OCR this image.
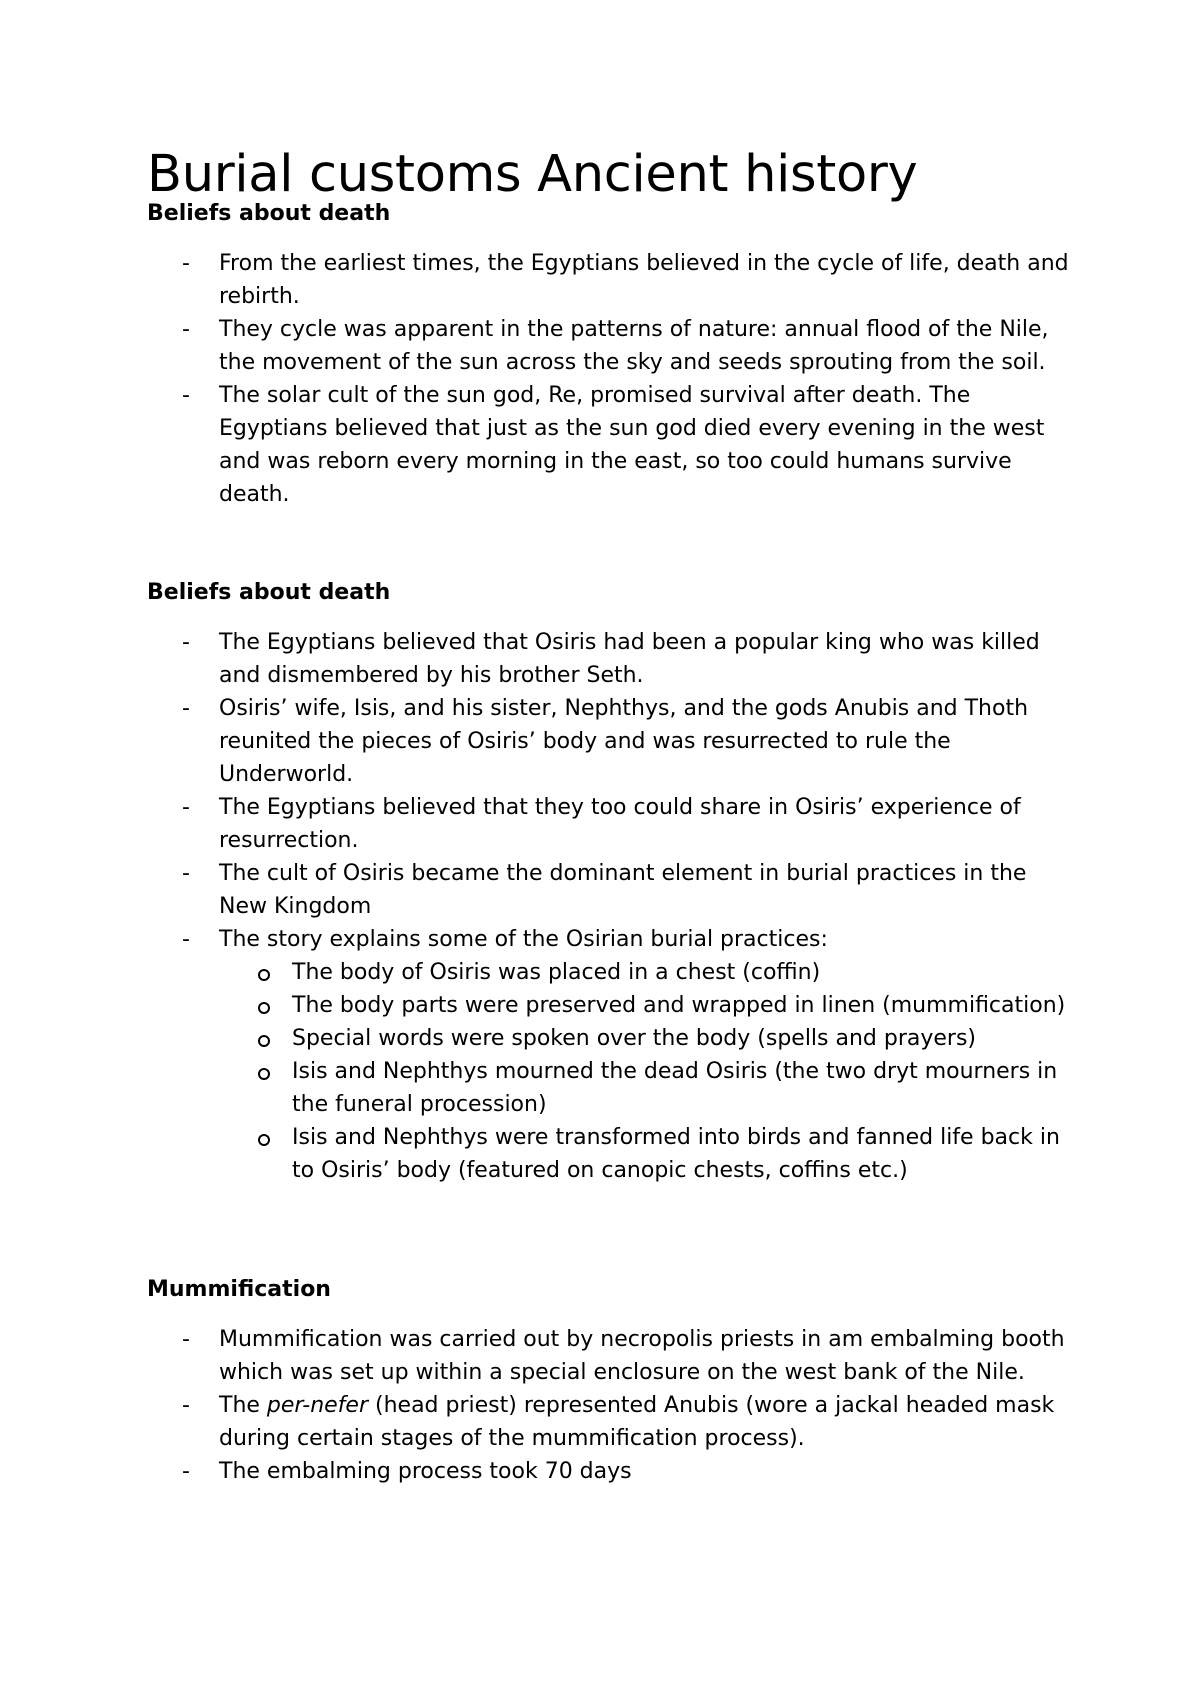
Burial customs Ancient history
Beliefs about death
- From the earliest times, the Egyptians believed in the cycle of life, death and rebirth.
- They cycle was apparent in the patterns of nature: annual flood of the Nile, the movement of the sun across the sky and seeds sprouting from the soil.
- The solar cult of the sun god, Re, promised survival after death. The Egyptians believed that just as the sun god died every evening in the west and was reborn every morning in the east, so too could humans survive death.
Beliefs about death
- The Egyptians believed that Osiris had been a popular king who was killed and dismembered by his brother Seth.
- Osiris’ wife, Isis, and his sister, Nephthys, and the gods Anubis and Thoth reunited the pieces of Osiris’ body and was resurrected to rule the Underworld.
- The Egyptians believed that they too could share in Osiris’ experience of resurrection.
- The cult of Osiris became the dominant element in burial practices in the New Kingdom
- The story explains some of the Osirian burial practices:
The body of Osiris was placed in a chest (coffin)
The body parts were preserved and wrapped in linen (mummification)
Special words were spoken over the body (spells and prayers)
Isis and Nephthys mourned the dead Osiris (the two dryt mourners in the funeral procession)
Isis and Nephthys were transformed into birds and fanned life back in to Osiris’ body (featured on canopic chests, coffins etc.)
Mummification
- Mummification was carried out by necropolis priests in am embalming booth which was set up within a special enclosure on the west bank of the Nile.
- The per-nefer (head priest) represented Anubis (wore a jackal headed mask during certain stages of the mummification process).
- The embalming process took 70 days
